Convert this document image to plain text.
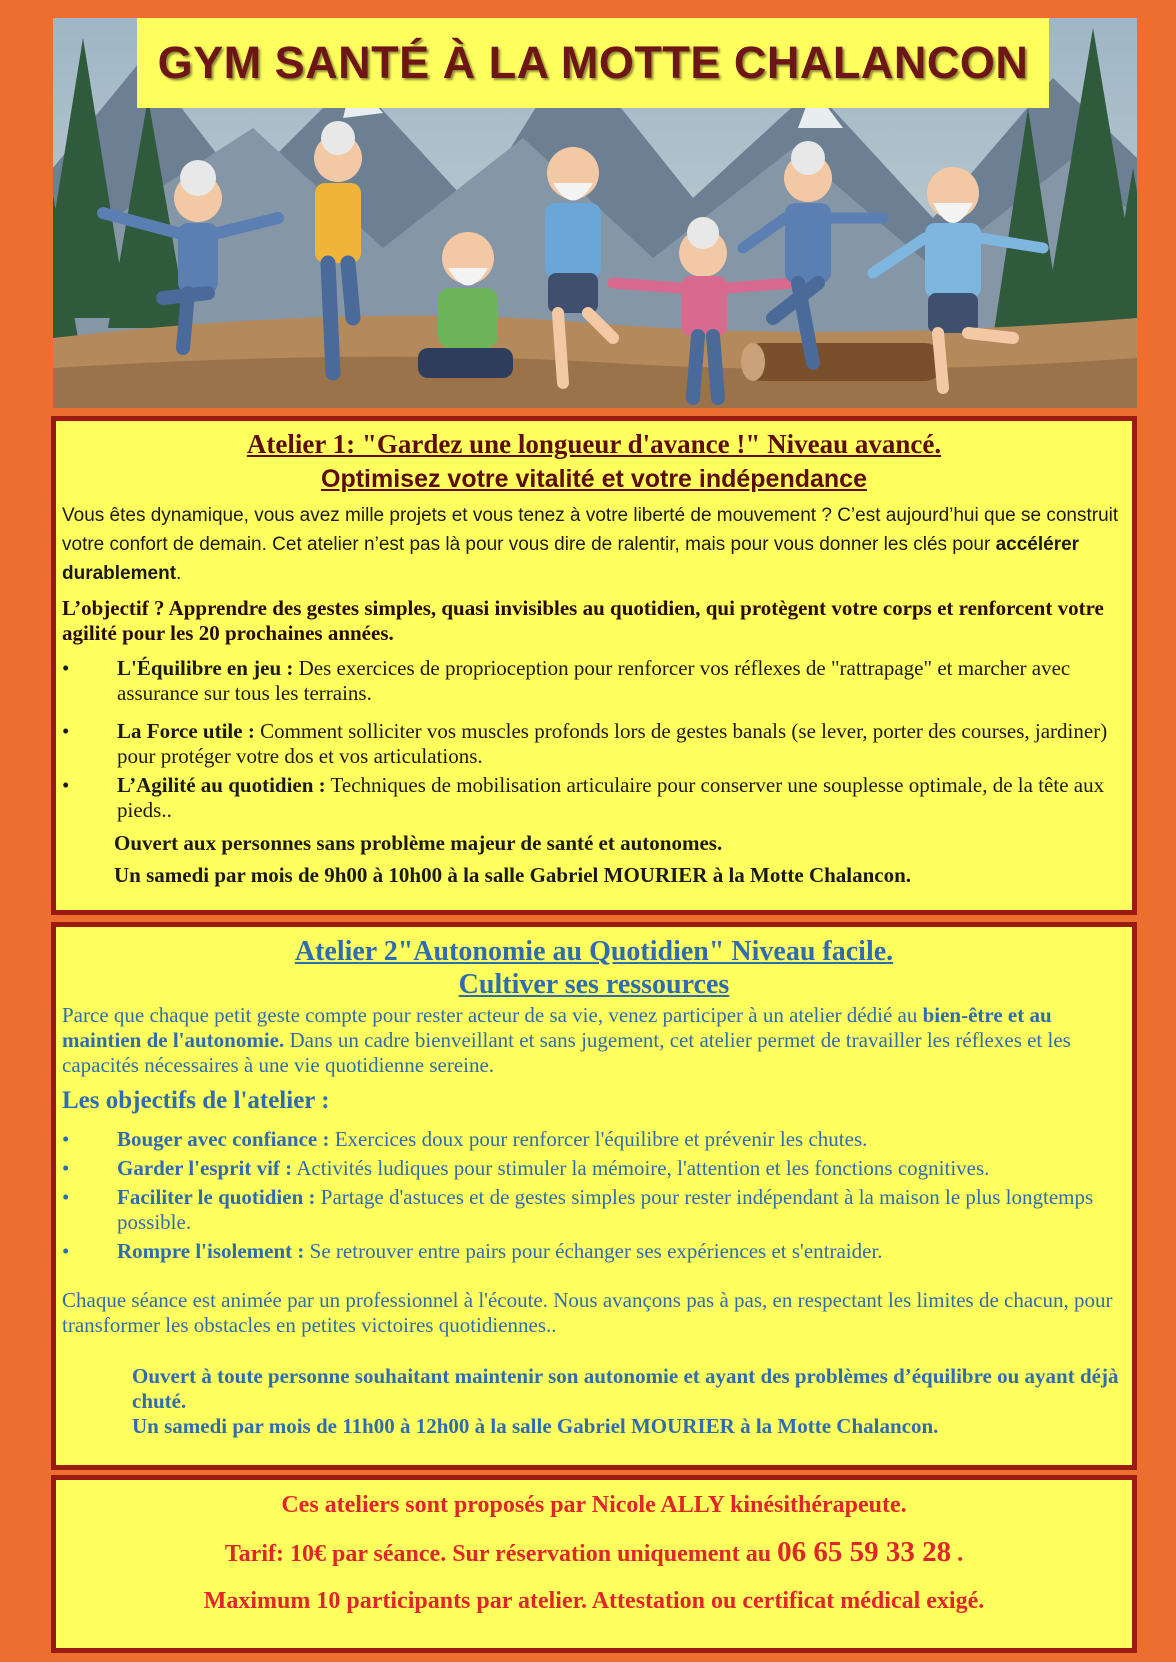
GYM SANTÉ À LA MOTTE CHALANCON
Atelier 1: "Gardez une longueur d'avance !" Niveau avancé.
Optimisez votre vitalité et votre indépendance

Vous êtes dynamique, vous avez mille projets et vous tenez à votre liberté de mouvement ? C’est aujourd’hui que se construit votre confort de demain. Cet atelier n’est pas là pour vous dire de ralentir, mais pour vous donner les clés pour accélérer durablement.

L’objectif ? Apprendre des gestes simples, quasi invisibles au quotidien, qui protègent votre corps et renforcent votre agilité pour les 20 prochaines années.

• L'Équilibre en jeu : Des exercices de proprioception pour renforcer vos réflexes de "rattrapage" et marcher avec assurance sur tous les terrains.
• La Force utile : Comment solliciter vos muscles profonds lors de gestes banals (se lever, porter des courses, jardiner) pour protéger votre dos et vos articulations.
• L’Agilité au quotidien : Techniques de mobilisation articulaire pour conserver une souplesse optimale, de la tête aux pieds..
Ouvert aux personnes sans problème majeur de santé et autonomes.
Un samedi par mois de 9h00 à 10h00 à la salle Gabriel MOURIER à la Motte Chalancon.
Atelier 2"Autonomie au Quotidien" Niveau facile.
Cultiver ses ressources

Parce que chaque petit geste compte pour rester acteur de sa vie, venez participer à un atelier dédié au bien-être et au maintien de l'autonomie. Dans un cadre bienveillant et sans jugement, cet atelier permet de travailler les réflexes et les capacités nécessaires à une vie quotidienne sereine.

Les objectifs de l'atelier :

• Bouger avec confiance : Exercices doux pour renforcer l'équilibre et prévenir les chutes.
• Garder l'esprit vif : Activités ludiques pour stimuler la mémoire, l'attention et les fonctions cognitives.
• Faciliter le quotidien : Partage d'astuces et de gestes simples pour rester indépendant à la maison le plus longtemps possible.
• Rompre l'isolement : Se retrouver entre pairs pour échanger ses expériences et s'entraider.

Chaque séance est animée par un professionnel à l'écoute. Nous avançons pas à pas, en respectant les limites de chacun, pour transformer les obstacles en petites victoires quotidiennes..

Ouvert à toute personne souhaitant maintenir son autonomie et ayant des problèmes d’équilibre ou ayant déjà chuté.
Un samedi par mois de 11h00 à 12h00 à la salle Gabriel MOURIER à la Motte Chalancon.

Ces ateliers sont proposés par Nicole ALLY kinésithérapeute.

Tarif: 10€ par séance. Sur réservation uniquement au 06 65 59 33 28 .

Maximum 10 participants par atelier. Attestation ou certificat médical exigé.
